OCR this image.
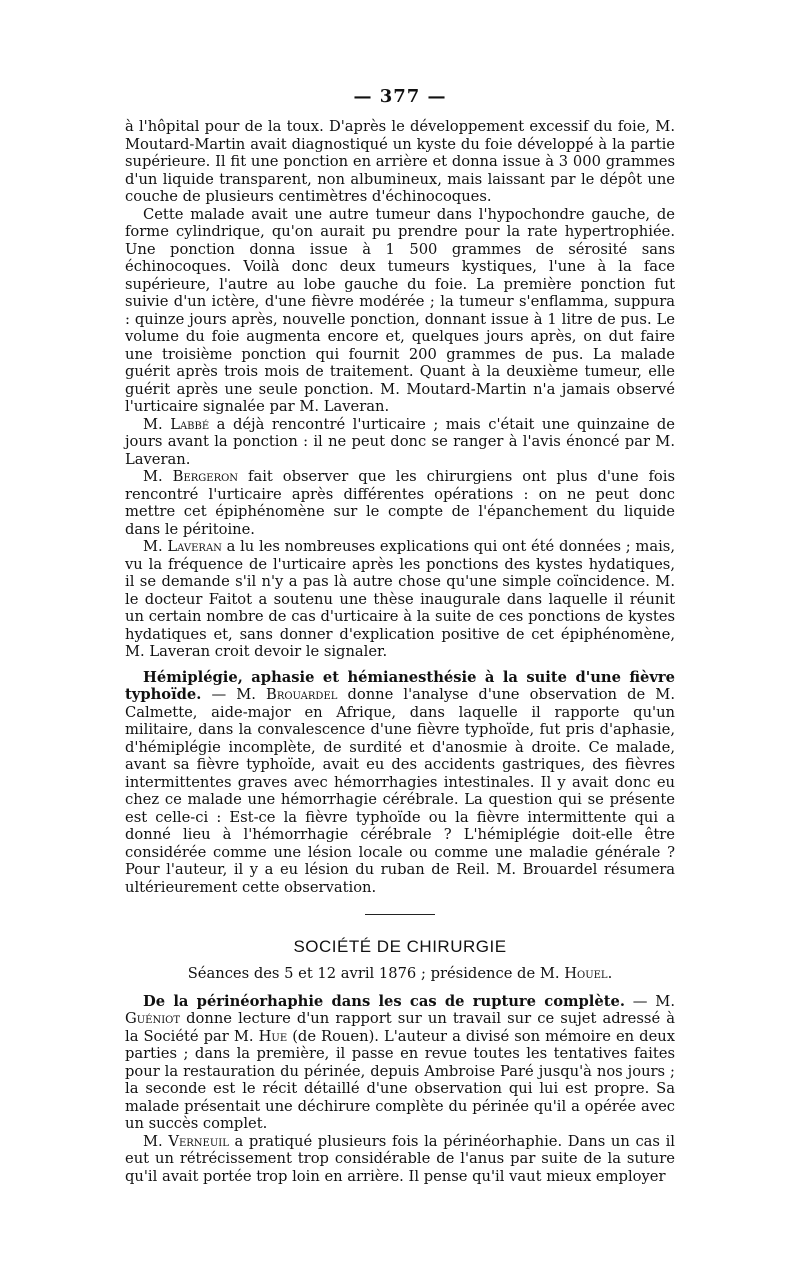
— 377 —

à l'hôpital pour de la toux. D'après le développement excessif du foie, M. Moutard-Martin avait diagnostiqué un kyste du foie développé à la partie supérieure. Il fit une ponction en arrière et donna issue à 3 000 grammes d'un liquide transparent, non albumineux, mais laissant par le dépôt une couche de plusieurs centimètres d'échinocoques.

Cette malade avait une autre tumeur dans l'hypochondre gauche, de forme cylindrique, qu'on aurait pu prendre pour la rate hypertrophiée. Une ponction donna issue à 1 500 grammes de sérosité sans échinocoques. Voilà donc deux tumeurs kystiques, l'une à la face supérieure, l'autre au lobe gauche du foie. La première ponction fut suivie d'un ictère, d'une fièvre modérée ; la tumeur s'enflamma, suppura : quinze jours après, nouvelle ponction, donnant issue à 1 litre de pus. Le volume du foie augmenta encore et, quelques jours après, on dut faire une troisième ponction qui fournit 200 grammes de pus. La malade guérit après trois mois de traitement. Quant à la deuxième tumeur, elle guérit après une seule ponction. M. Moutard-Martin n'a jamais observé l'urticaire signalée par M. Laveran.

M. Labbé a déjà rencontré l'urticaire ; mais c'était une quinzaine de jours avant la ponction : il ne peut donc se ranger à l'avis énoncé par M. Laveran.

M. Bergeron fait observer que les chirurgiens ont plus d'une fois rencontré l'urticaire après différentes opérations : on ne peut donc mettre cet épiphénomène sur le compte de l'épanchement du liquide dans le péritoine.

M. Laveran a lu les nombreuses explications qui ont été données ; mais, vu la fréquence de l'urticaire après les ponctions des kystes hydatiques, il se demande s'il n'y a pas là autre chose qu'une simple coïncidence. M. le docteur Faitot a soutenu une thèse inaugurale dans laquelle il réunit un certain nombre de cas d'urticaire à la suite de ces ponctions de kystes hydatiques et, sans donner d'explication positive de cet épiphénomène, M. Laveran croit devoir le signaler.

Hémiplégie, aphasie et hémianesthésie à la suite d'une fièvre typhoïde. — M. Brouardel donne l'analyse d'une observation de M. Calmette, aide-major en Afrique, dans laquelle il rapporte qu'un militaire, dans la convalescence d'une fièvre typhoïde, fut pris d'aphasie, d'hémiplégie incomplète, de surdité et d'anosmie à droite. Ce malade, avant sa fièvre typhoïde, avait eu des accidents gastriques, des fièvres intermittentes graves avec hémorrhagies intestinales. Il y avait donc eu chez ce malade une hémorrhagie cérébrale. La question qui se présente est celle-ci : Est-ce la fièvre typhoïde ou la fièvre intermittente qui a donné lieu à l'hémorrhagie cérébrale ? L'hémiplégie doit-elle être considérée comme une lésion locale ou comme une maladie générale ? Pour l'auteur, il y a eu lésion du ruban de Reil. M. Brouardel résumera ultérieurement cette observation.

SOCIÉTÉ DE CHIRURGIE
Séances des 5 et 12 avril 1876 ; présidence de M. Houel.

De la périnéorhaphie dans les cas de rupture complète. — M. Guéniot donne lecture d'un rapport sur un travail sur ce sujet adressé à la Société par M. Hue (de Rouen). L'auteur a divisé son mémoire en deux parties ; dans la première, il passe en revue toutes les tentatives faites pour la restauration du périnée, depuis Ambroise Paré jusqu'à nos jours ; la seconde est le récit détaillé d'une observation qui lui est propre. Sa malade présentait une déchirure complète du périnée qu'il a opérée avec un succès complet.

M. Verneuil a pratiqué plusieurs fois la périnéorhaphie. Dans un cas il eut un rétrécissement trop considérable de l'anus par suite de la suture qu'il avait portée trop loin en arrière. Il pense qu'il vaut mieux employer
